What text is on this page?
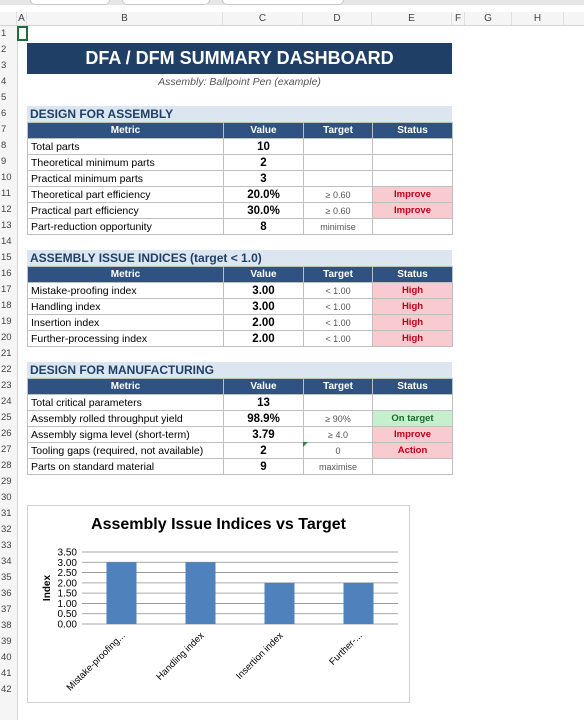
A	B	C	D	E	F	G	H
1
2
3
4
5
6
7
8
9
10
11
12
13
14
15
16
17
18
19
20
21
22
23
24
25
26
27
28
29
30
31
32
33
34
35
36
37
38
39
40
41
42
DFA / DFM SUMMARY DASHBOARD
Assembly: Ballpoint Pen (example)
DESIGN FOR ASSEMBLY
Metric	Value	Target	Status
Total parts	10		
Theoretical minimum parts	2		
Practical minimum parts	3		
Theoretical part efficiency	20.0%	≥ 0.60	Improve
Practical part efficiency	30.0%	≥ 0.60	Improve
Part-reduction opportunity	8	minimise	
ASSEMBLY ISSUE INDICES (target < 1.0)
Metric	Value	Target	Status
Mistake-proofing index	3.00	< 1.00	High
Handling index	3.00	< 1.00	High
Insertion index	2.00	< 1.00	High
Further-processing index	2.00	< 1.00	High
DESIGN FOR MANUFACTURING
Metric	Value	Target	Status
Total critical parameters	13		
Assembly rolled throughput yield	98.9%	≥ 90%	On target
Assembly sigma level (short-term)	3.79	≥ 4.0	Improve
Tooling gaps (required, not available)	2	0	Action
Parts on standard material	9	maximise	
Assembly Issue Indices vs Target
3.50
3.00
2.50
2.00
1.50
1.00
0.50
0.00
Index
Mistake-proofing...	Handling index	Insertion index	Further-...
